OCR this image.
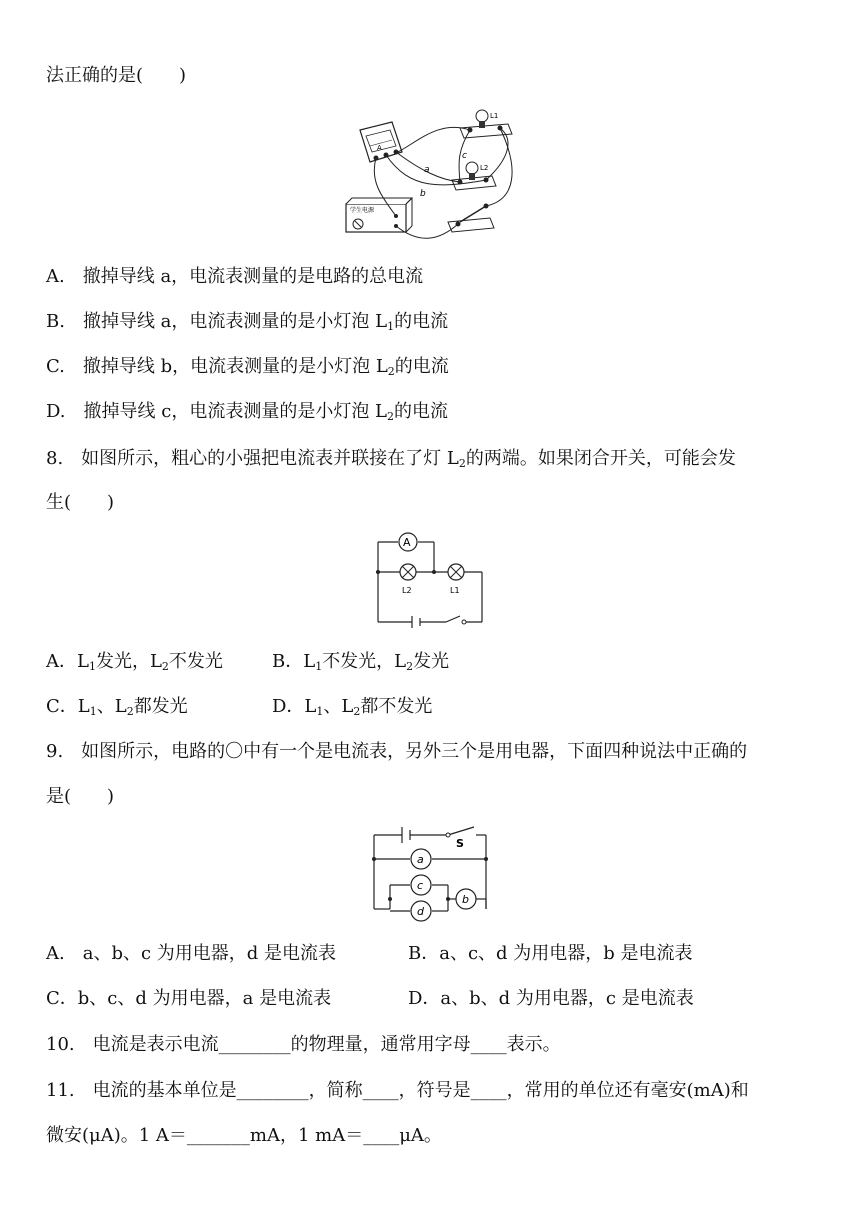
法正确的是(　　)
A
L1
L2
学生电源
a
b
c
A.　撤掉导线 a，电流表测量的是电路的总电流
B.　撤掉导线 a，电流表测量的是小灯泡 $L_1$的电流
C.　撤掉导线 b，电流表测量的是小灯泡 $L_2$的电流
D.　撤掉导线 c，电流表测量的是小灯泡 $L_2$的电流
8.　如图所示，粗心的小强把电流表并联接在了灯 $L_2$的两端。如果闭合开关，可能会发
生(　　)
A
L2	L1
A．$L_1$发光，$L_2$不发光	B．$L_1$不发光，$L_2$发光
C．$L_1$、$L_2$都发光	D．$L_1$、$L_2$都不发光
9.　如图所示，电路的〇中有一个是电流表，另外三个是用电器，下面四种说法中正确的
是(　　)
S
a
c
d
b
A.　a、b、c 为用电器，d 是电流表	B．a、c、d 为用电器，b 是电流表
C．b、c、d 为用电器，a 是电流表	D．a、b、d 为用电器，c 是电流表
10.　电流是表示电流________的物理量，通常用字母____表示。
11.　电流的基本单位是________，简称____，符号是____，常用的单位还有毫安(mA)和
微安(μA)。1 A＝_______mA，1 mA＝____μA。
